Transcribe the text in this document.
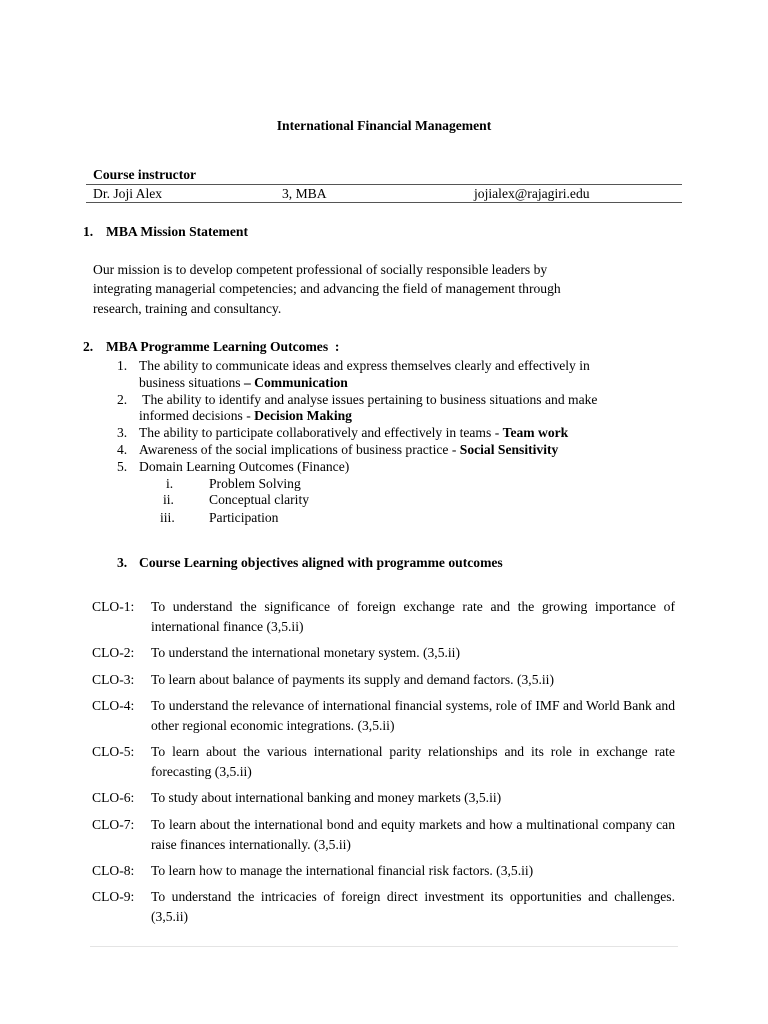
International Financial Management
Course instructor
Dr. Joji Alex	3, MBA	jojialex@rajagiri.edu
1. MBA Mission Statement
Our mission is to develop competent professional of socially responsible leaders by
integrating managerial competencies; and advancing the field of management through
research, training and consultancy.
2. MBA Programme Learning Outcomes  :
1. The ability to communicate ideas and express themselves clearly and effectively in
business situations – Communication
2. The ability to identify and analyse issues pertaining to business situations and make
informed decisions - Decision Making
3. The ability to participate collaboratively and effectively in teams - Team work
4. Awareness of the social implications of business practice - Social Sensitivity
5. Domain Learning Outcomes (Finance)
i.	Problem Solving
ii.	Conceptual clarity
iii.	Participation
3. Course Learning objectives aligned with programme outcomes
CLO-1: To understand the significance of foreign exchange rate and the growing importance of international finance (3,5.ii)
CLO-2: To understand the international monetary system. (3,5.ii)
CLO-3: To learn about balance of payments its supply and demand factors. (3,5.ii)
CLO-4: To understand the relevance of international financial systems, role of IMF and World Bank and other regional economic integrations. (3,5.ii)
CLO-5: To learn about the various international parity relationships and its role in exchange rate forecasting (3,5.ii)
CLO-6: To study about international banking and money markets (3,5.ii)
CLO-7: To learn about the international bond and equity markets and how a multinational company can raise finances internationally. (3,5.ii)
CLO-8: To learn how to manage the international financial risk factors. (3,5.ii)
CLO-9: To understand the intricacies of foreign direct investment its opportunities and challenges. (3,5.ii)
